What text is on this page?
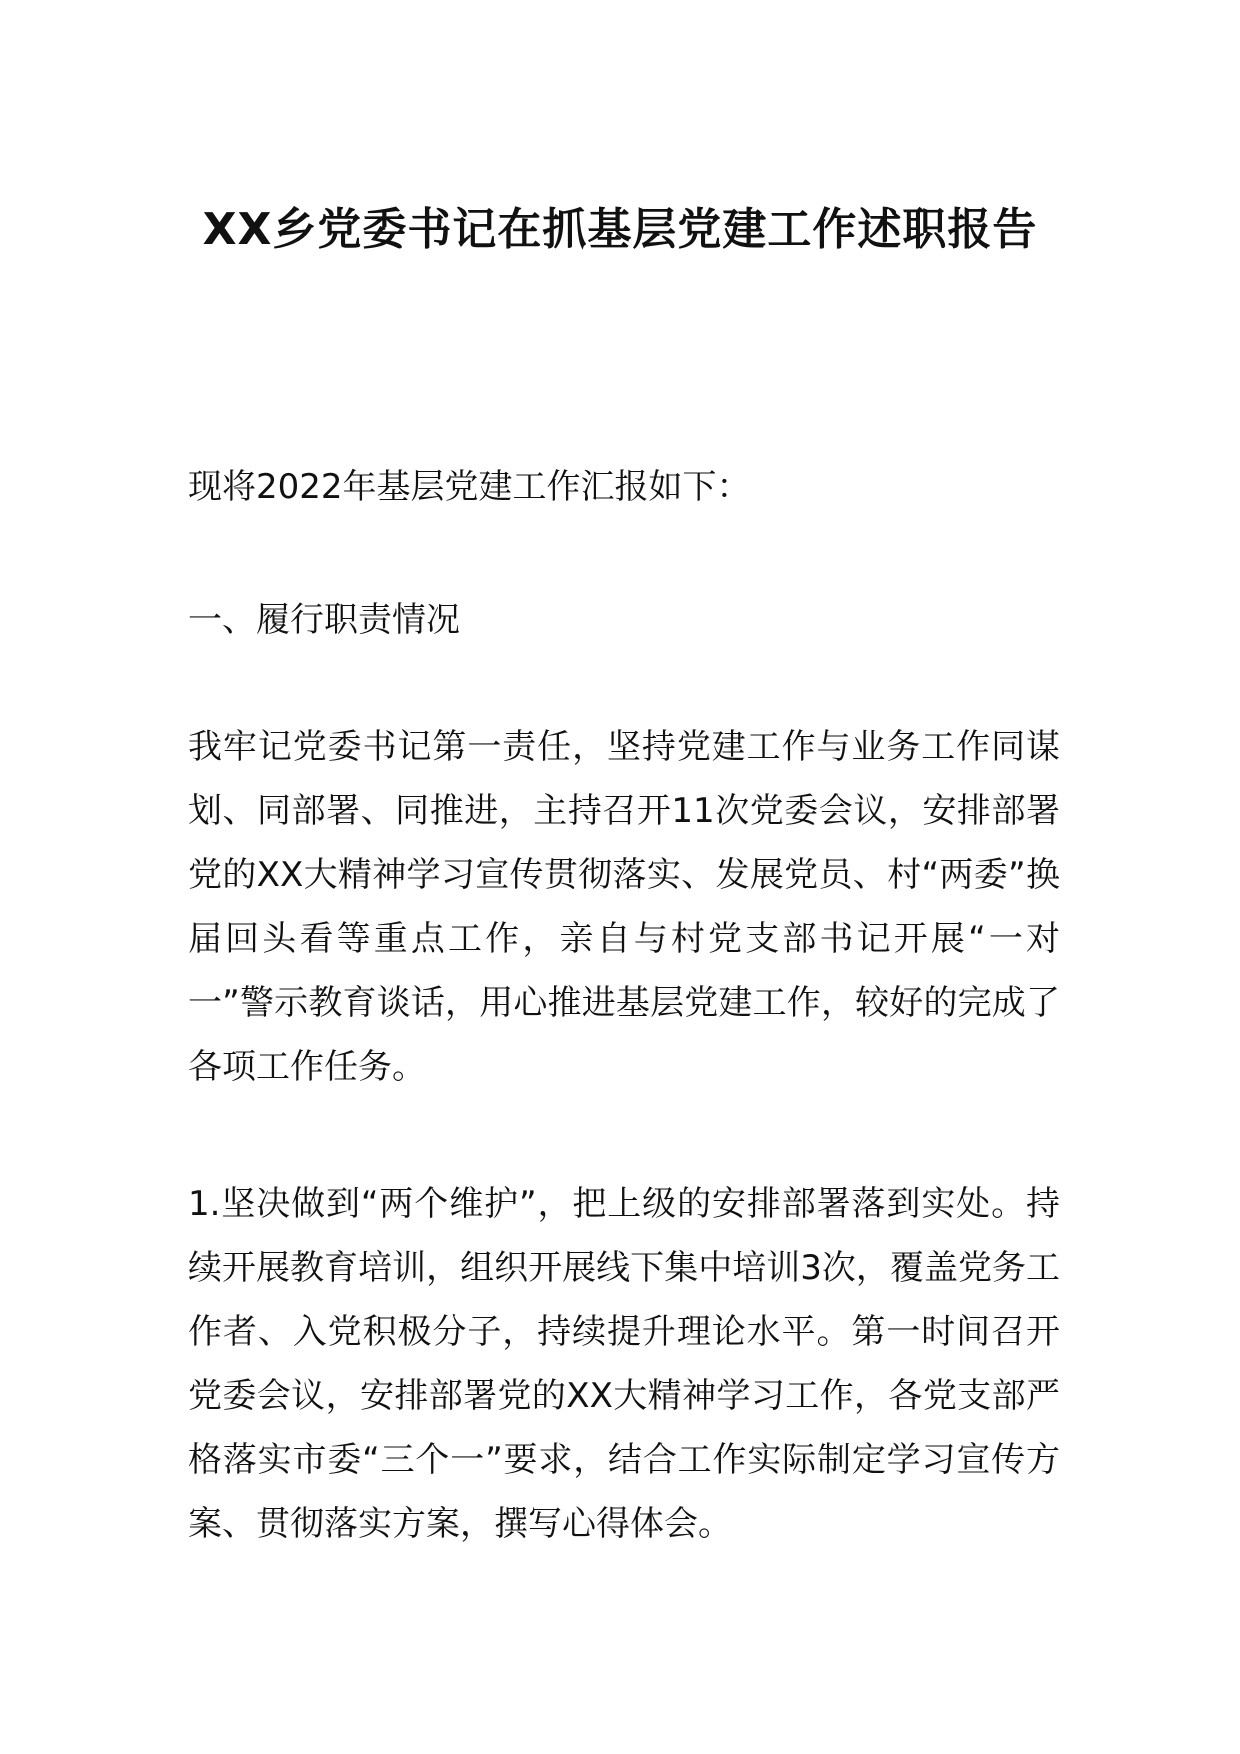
XX乡党委书记在抓基层党建工作述职报告

现将2022年基层党建工作汇报如下：

一、履行职责情况

我牢记党委书记第一责任，坚持党建工作与业务工作同谋划、同部署、同推进，主持召开11次党委会议，安排部署党的XX大精神学习宣传贯彻落实、发展党员、村“两委”换届回头看等重点工作，亲自与村党支部书记开展“一对一”警示教育谈话，用心推进基层党建工作，较好的完成了各项工作任务。

1.坚决做到“两个维护”，把上级的安排部署落到实处。持续开展教育培训，组织开展线下集中培训3次，覆盖党务工作者、入党积极分子，持续提升理论水平。第一时间召开党委会议，安排部署党的XX大精神学习工作，各党支部严格落实市委“三个一”要求，结合工作实际制定学习宣传方案、贯彻落实方案，撰写心得体会。
